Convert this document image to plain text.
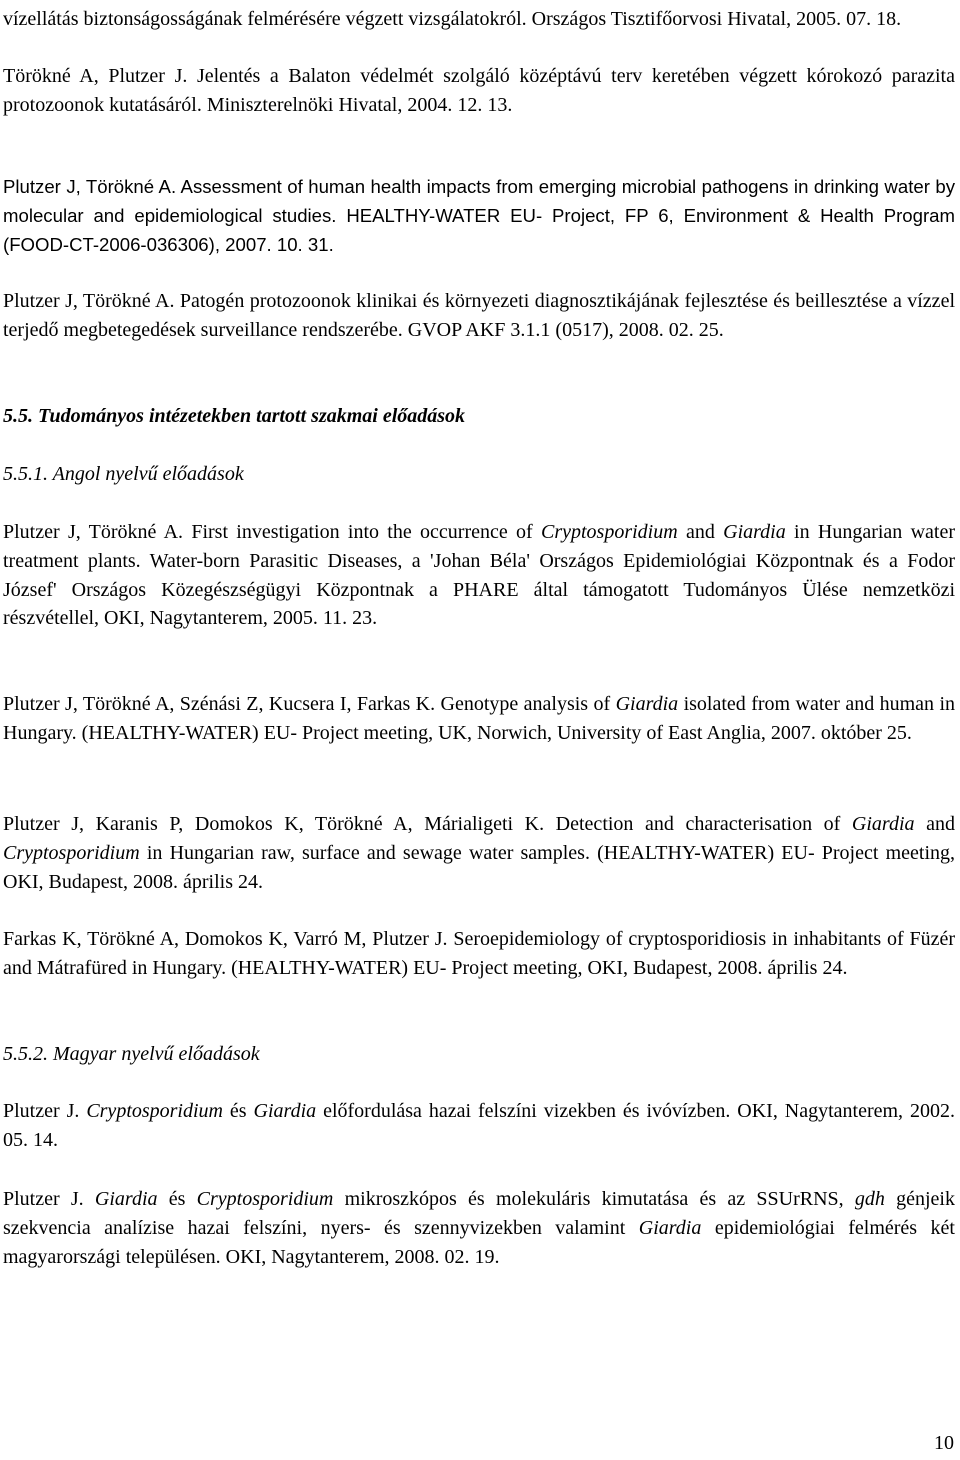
vízellátás biztonságosságának felmérésére végzett vizsgálatokról. Országos Tisztifőorvosi Hivatal, 2005. 07. 18.

Törökné A, Plutzer J. Jelentés a Balaton védelmét szolgáló középtávú terv keretében végzett kórokozó parazita protozoonok kutatásáról. Miniszterelnöki Hivatal, 2004. 12. 13.

Plutzer J, Törökné A. Assessment of human health impacts from emerging microbial pathogens in drinking water by molecular and epidemiological studies. HEALTHY-WATER EU- Project, FP 6, Environment & Health Program (FOOD-CT-2006-036306), 2007. 10. 31.

Plutzer J, Törökné A. Patogén protozoonok klinikai és környezeti diagnosztikájának fejlesztése és beillesztése a vízzel terjedő megbetegedések surveillance rendszerébe. GVOP AKF 3.1.1 (0517), 2008. 02. 25.

5.5. Tudományos intézetekben tartott szakmai előadások

5.5.1. Angol nyelvű előadások

Plutzer J, Törökné A. First investigation into the occurrence of Cryptosporidium and Giardia in Hungarian water treatment plants. Water-born Parasitic Diseases, a 'Johan Béla' Országos Epidemiológiai Központnak és a Fodor József' Országos Közegészségügyi Központnak a PHARE által támogatott Tudományos Ülése nemzetközi részvétellel, OKI, Nagytanterem, 2005. 11. 23.

Plutzer J, Törökné A, Szénási Z, Kucsera I, Farkas K. Genotype analysis of Giardia isolated from water and human in Hungary. (HEALTHY-WATER) EU- Project meeting, UK, Norwich, University of East Anglia, 2007. október 25.

Plutzer J, Karanis P, Domokos K, Törökné A, Márialigeti K. Detection and characterisation of Giardia and Cryptosporidium in Hungarian raw, surface and sewage water samples. (HEALTHY-WATER) EU- Project meeting, OKI, Budapest, 2008. április 24.

Farkas K, Törökné A, Domokos K, Varró M, Plutzer J. Seroepidemiology of cryptosporidiosis in inhabitants of Füzér and Mátrafüred in Hungary. (HEALTHY-WATER) EU- Project meeting, OKI, Budapest, 2008. április 24.

5.5.2. Magyar nyelvű előadások

Plutzer J. Cryptosporidium és Giardia előfordulása hazai felszíni vizekben és ivóvízben. OKI, Nagytanterem, 2002. 05. 14.

Plutzer J. Giardia és Cryptosporidium mikroszkópos és molekuláris kimutatása és az SSUrRNS, gdh génjeik szekvencia analízise hazai felszíni, nyers- és szennyvizekben valamint Giardia epidemiológiai felmérés két magyarországi településen. OKI, Nagytanterem, 2008. 02. 19.

10
